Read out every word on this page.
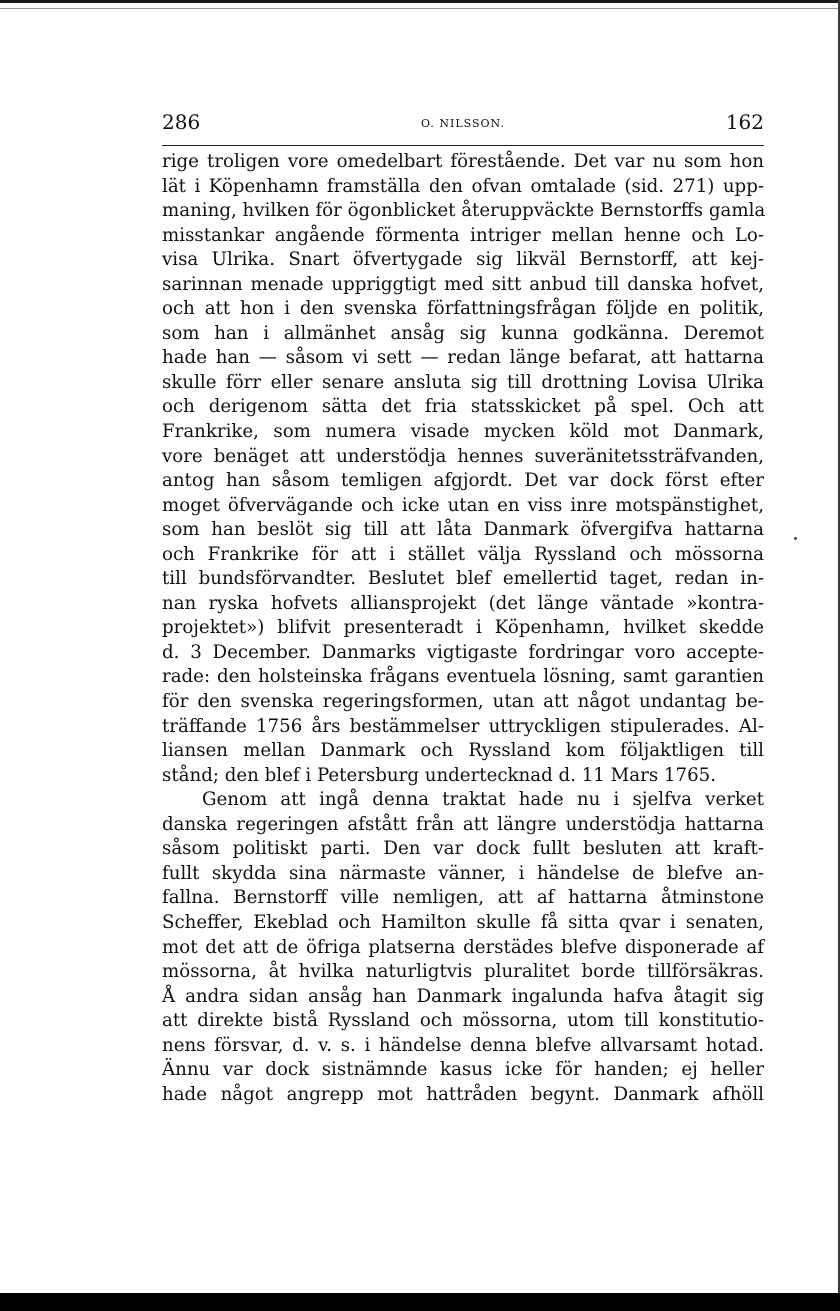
286	O. NILSSON.	162
rige troligen vore omedelbart förestående. Det var nu som hon
lät i Köpenhamn framställa den ofvan omtalade (sid. 271) upp-
maning, hvilken för ögonblicket återuppväckte Bernstorffs gamla
misstankar angående förmenta intriger mellan henne och Lo-
visa Ulrika. Snart öfvertygade sig likväl Bernstorff, att kej-
sarinnan menade uppriggtigt med sitt anbud till danska hofvet,
och att hon i den svenska författningsfrågan följde en politik,
som han i allmänhet ansåg sig kunna godkänna. Deremot
hade han — såsom vi sett — redan länge befarat, att hattarna
skulle förr eller senare ansluta sig till drottning Lovisa Ulrika
och derigenom sätta det fria statsskicket på spel. Och att
Frankrike, som numera visade mycken köld mot Danmark,
vore benäget att understödja hennes suveränitetssträfvanden,
antog han såsom temligen afgjordt. Det var dock först efter
moget öfvervägande och icke utan en viss inre motspänstighet,
som han beslöt sig till att låta Danmark öfvergifva hattarna
och Frankrike för att i stället välja Ryssland och mössorna
till bundsförvandter. Beslutet blef emellertid taget, redan in-
nan ryska hofvets alliansprojekt (det länge väntade »kontra-
projektet») blifvit presenteradt i Köpenhamn, hvilket skedde
d. 3 December. Danmarks vigtigaste fordringar voro accepte-
rade: den holsteinska frågans eventuela lösning, samt garantien
för den svenska regeringsformen, utan att något undantag be-
träffande 1756 års bestämmelser uttryckligen stipulerades. Al-
liansen mellan Danmark och Ryssland kom följaktligen till
stånd; den blef i Petersburg undertecknad d. 11 Mars 1765.
Genom att ingå denna traktat hade nu i sjelfva verket
danska regeringen afstått från att längre understödja hattarna
såsom politiskt parti. Den var dock fullt besluten att kraft-
fullt skydda sina närmaste vänner, i händelse de blefve an-
fallna. Bernstorff ville nemligen, att af hattarna åtminstone
Scheffer, Ekeblad och Hamilton skulle få sitta qvar i senaten,
mot det att de öfriga platserna derstädes blefve disponerade af
mössorna, åt hvilka naturligtvis pluralitet borde tillförsäkras.
Å andra sidan ansåg han Danmark ingalunda hafva åtagit sig
att direkte bistå Ryssland och mössorna, utom till konstitutio-
nens försvar, d. v. s. i händelse denna blefve allvarsamt hotad.
Ännu var dock sistnämnde kasus icke för handen; ej heller
hade något angrepp mot hattråden begynt. Danmark afhöll
